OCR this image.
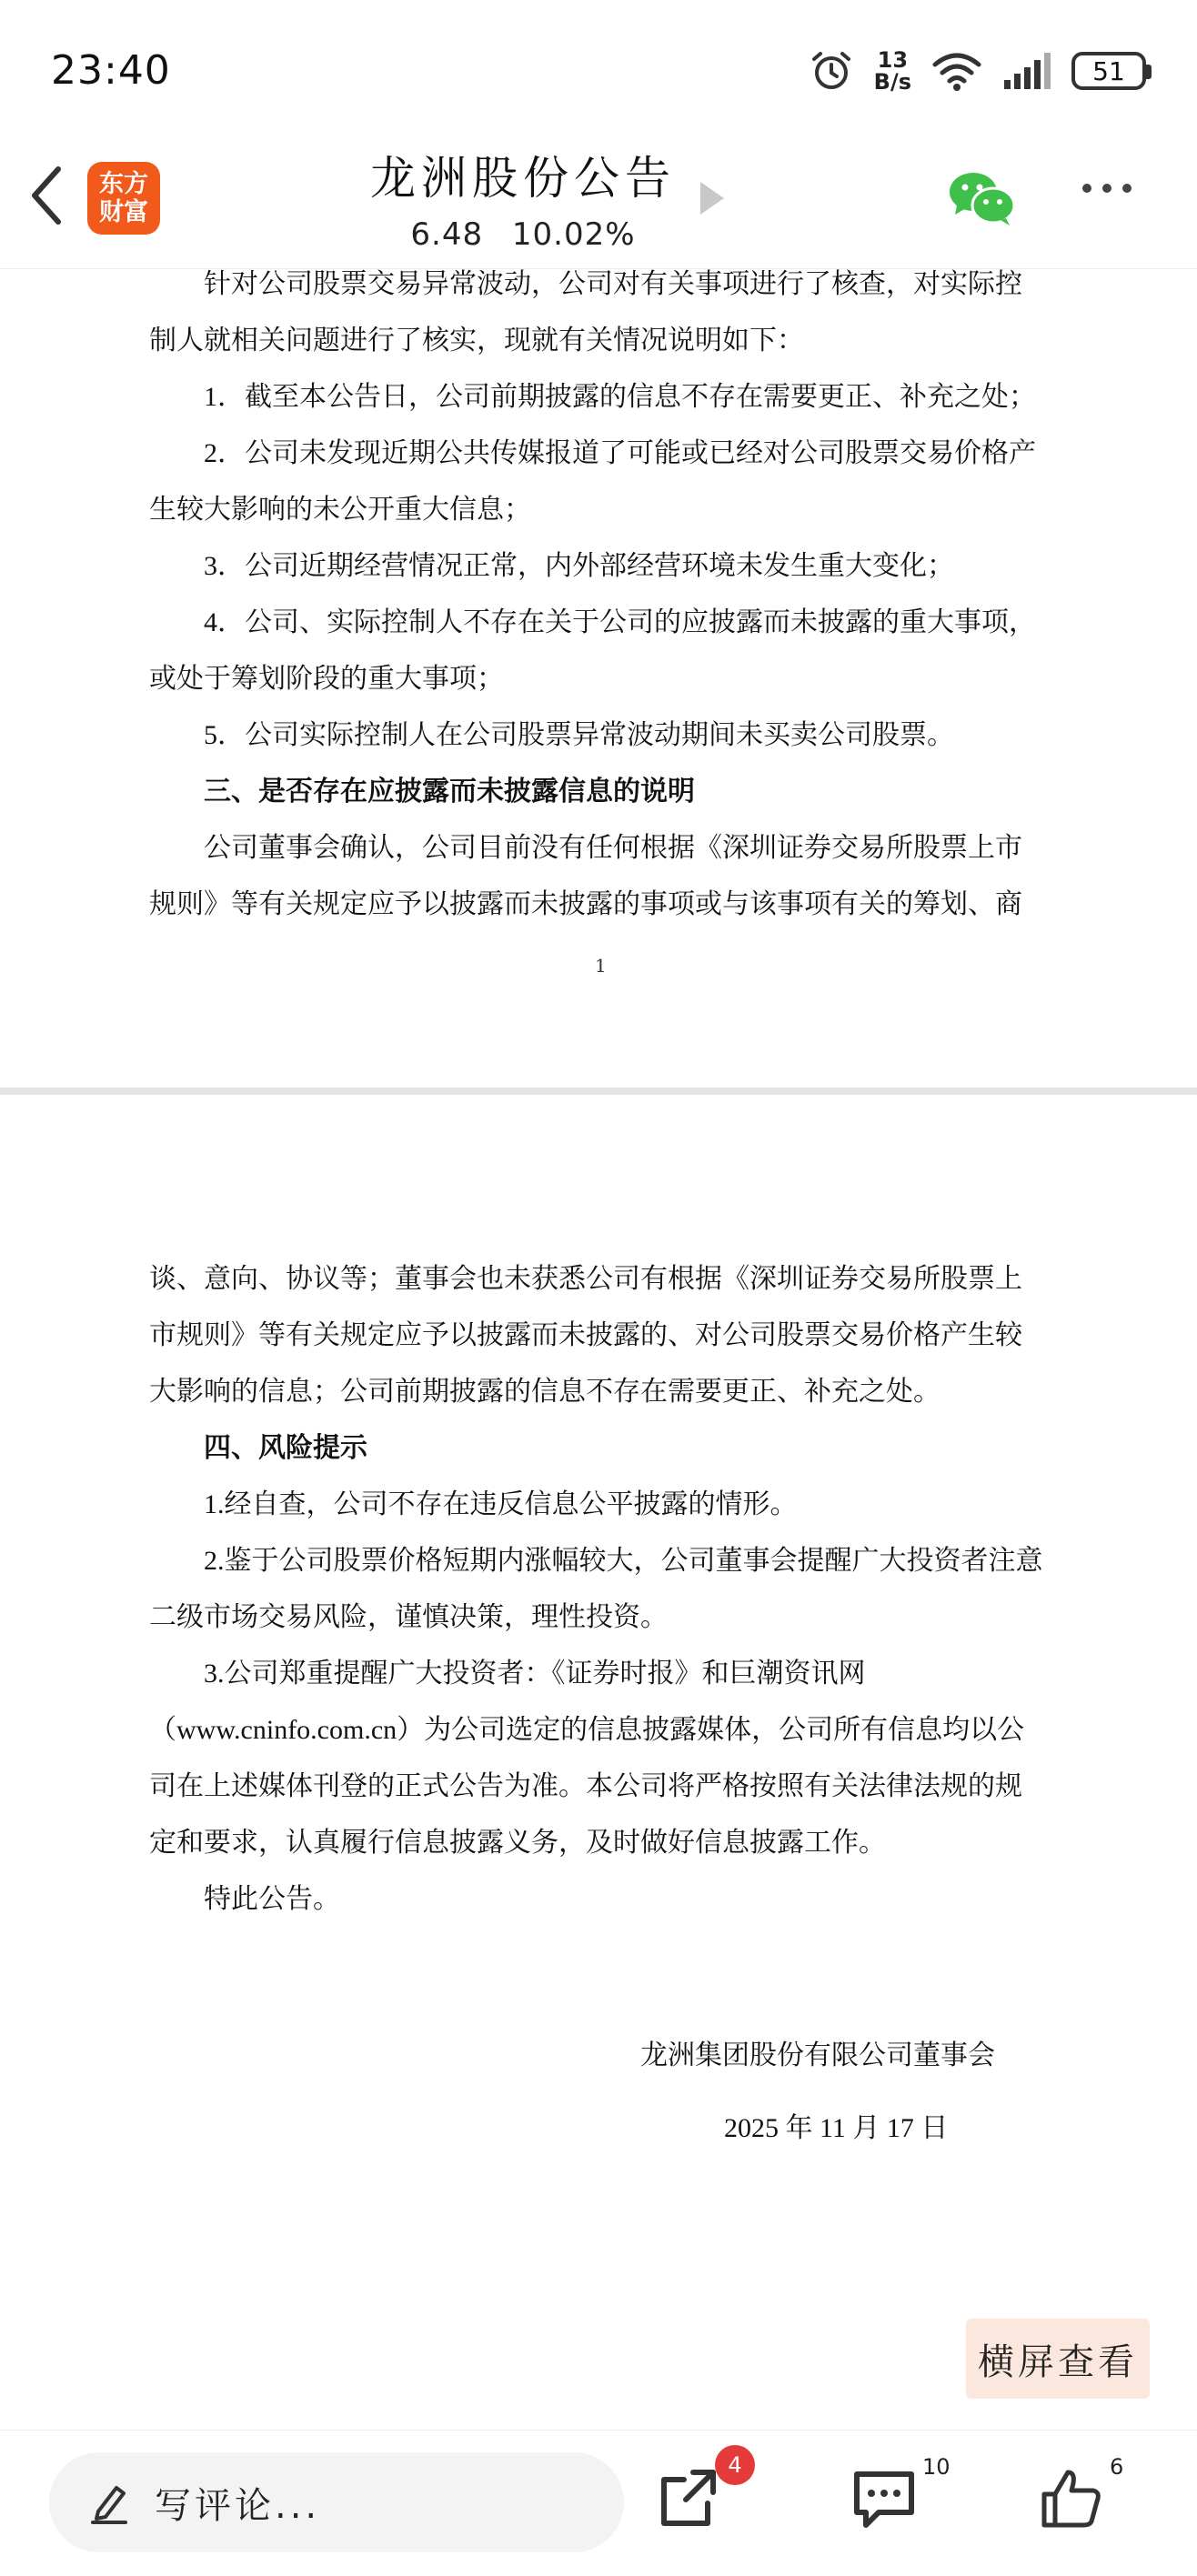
23:40	13
B/s	51
东方
财富
龙洲股份公告
6.48 10.02%
针对公司股票交易异常波动，公司对有关事项进行了核查，对实际控制人就相关问题进行了核实，现就有关情况说明如下：
1．截至本公告日，公司前期披露的信息不存在需要更正、补充之处；
2．公司未发现近期公共传媒报道了可能或已经对公司股票交易价格产生较大影响的未公开重大信息；
3．公司近期经营情况正常，内外部经营环境未发生重大变化；
4．公司、实际控制人不存在关于公司的应披露而未披露的重大事项，或处于筹划阶段的重大事项；
5．公司实际控制人在公司股票异常波动期间未买卖公司股票。
三、是否存在应披露而未披露信息的说明
公司董事会确认，公司目前没有任何根据《深圳证券交易所股票上市规则》等有关规定应予以披露而未披露的事项或与该事项有关的筹划、商
1
谈、意向、协议等；董事会也未获悉公司有根据《深圳证券交易所股票上市规则》等有关规定应予以披露而未披露的、对公司股票交易价格产生较大影响的信息；公司前期披露的信息不存在需要更正、补充之处。
四、风险提示
1.经自查，公司不存在违反信息公平披露的情形。
2.鉴于公司股票价格短期内涨幅较大，公司董事会提醒广大投资者注意二级市场交易风险，谨慎决策，理性投资。
3.公司郑重提醒广大投资者：《证券时报》和巨潮资讯网（www.cninfo.com.cn）为公司选定的信息披露媒体，公司所有信息均以公司在上述媒体刊登的正式公告为准。本公司将严格按照有关法律法规的规定和要求，认真履行信息披露义务，及时做好信息披露工作。
特此公告。
龙洲集团股份有限公司董事会
2025 年 11 月 17 日
横屏查看
写评论...
4	10	6
